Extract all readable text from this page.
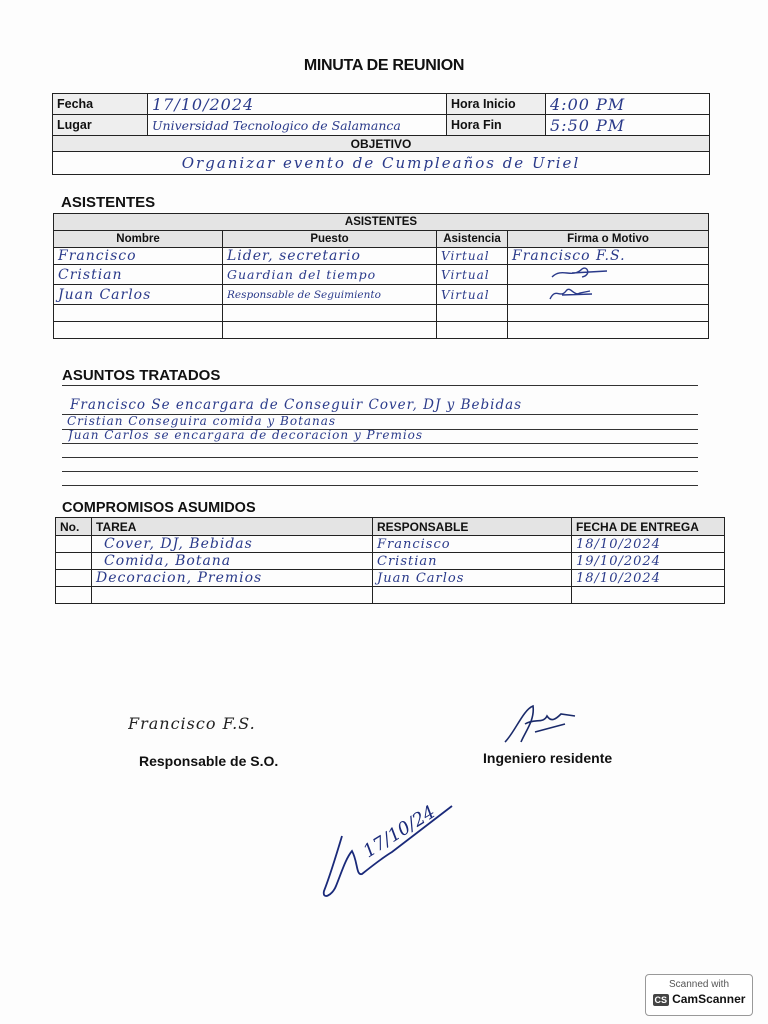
MINUTA DE REUNION
Fecha	17/10/2024	Hora Inicio	4:00 PM
Lugar	Universidad Tecnologico de Salamanca	Hora Fin	5:50 PM
OBJETIVO			
Organizar evento de Cumpleaños de Uriel			
ASISTENTES
ASISTENTES			
Nombre	Puesto	Asistencia	Firma o Motivo
Francisco	Lider, secretario	Virtual	Francisco F.S.
Cristian	Guardian del tiempo	Virtual	
Juan Carlos	Responsable de Seguimiento	Virtual	

ASUNTOS TRATADOS
Francisco Se encargara de Conseguir Cover, DJ y Bebidas
Cristian Conseguira comida y Botanas
Juan Carlos se encargara de decoracion y Premios
COMPROMISOS ASUMIDOS
No.	TAREA	RESPONSABLE	FECHA DE ENTREGA
	Cover, DJ, Bebidas	Francisco	18/10/2024
	Comida, Botana	Cristian	19/10/2024
	Decoracion, Premios	Juan Carlos	18/10/2024

Francisco F.S.
Responsable de S.O.	Ingeniero residente
17/10/24
Scanned with
CS CamScanner
